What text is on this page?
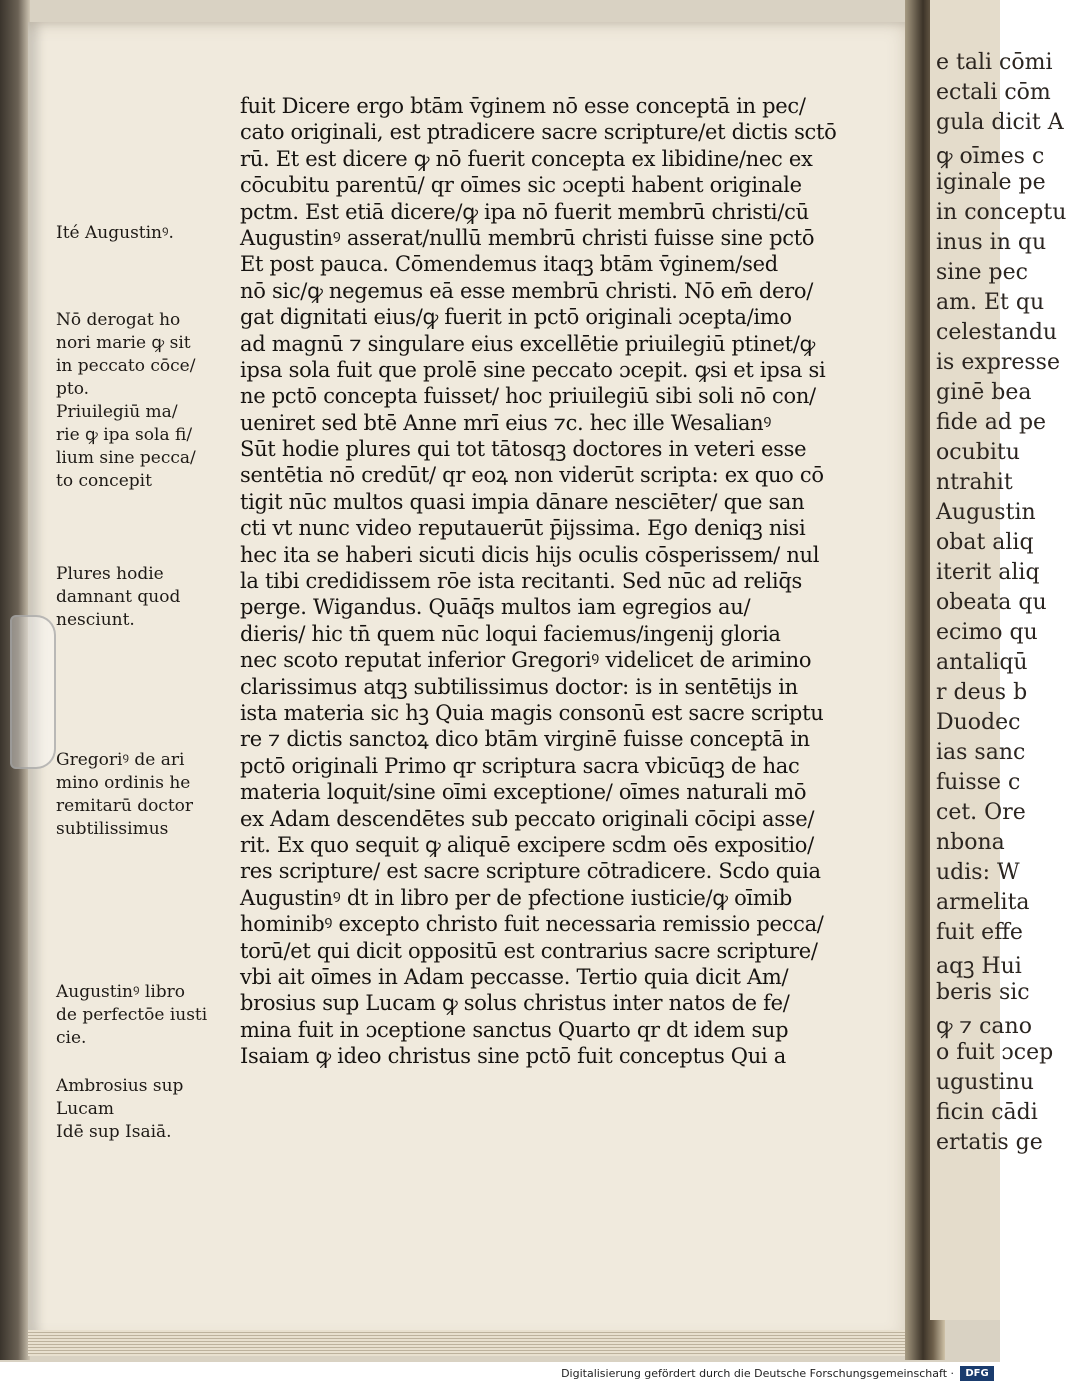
e tali cōmi
ectali cōm
gula dicit A
ꝙ oīmes c
iginale pe
in conceptu
inus in qu
sine pec
am. Et qu
celestandu
is expresse
ginē bea
fide ad pe
ocubitu
ntrahit
Augustin
obat aliq
iterit aliq
obeata qu
ecimo qu
antaliqū
r deus b
Duodec
ias sanc
fuisse c
cet. Ore
nbona
udis: W
armelita
fuit effe
aqꝫ Hui
beris sic
ꝙ ⁊ cano
o fuit ɔcep
ugustinu
ficin cādi
ertatis ge
Ité Augustinꝰ.
Nō derogat ho
nori marie ꝙ sit
in peccato cōce/
pto.
Priuilegiū ma/
rie ꝙ ipa sola fi/
lium sine pecca/
to concepit
Plures hodie
damnant quod
nesciunt.
Gregoriꝰ de ari
mino ordinis he
remitarū doctor
subtilissimus
Augustinꝰ libro
de perfectōe iusti
cie.
Ambrosius sup
Lucam
Idē sup Isaiā.
fuit Dicere ergo btām v̄ginem nō esse conceptā in pec/
cato originali, est ptradicere sacre scripture/et dictis sctō
rū. Et est dicere ꝙ nō fuerit concepta ex libidine/nec ex
cōcubitu parentū/ qr oīmes sic ɔcepti habent originale
pctm. Est etiā dicere/ꝙ ipa nō fuerit membrū christi/cū
Augustinꝰ asserat/nullū membrū christi fuisse sine pctō
Et post pauca. Cōmendemus itaqꝫ btām v̄ginem/sed
nō sic/ꝙ negemus eā esse membrū christi. Nō em̄ dero/
gat dignitati eius/ꝙ fuerit in pctō originali ɔcepta/imo
ad magnū ⁊ singulare eius excellētie priuilegiū ptinet/ꝙ
ipsa sola fuit que prolē sine peccato ɔcepit. ꝙsi et ipsa si
ne pctō concepta fuisset/ hoc priuilegiū sibi soli nō con/
ueniret sed btē Anne mrī eius ⁊c. hec ille Wesalianꝰ
Sūt hodie plures qui tot tātosqꝫ doctores in veteri esse
sentētia nō credūt/ qr eoꝝ non viderūt scripta: ex quo cō
tigit nūc multos quasi impia dānare nesciēter/ que san
cti vt nunc video reputauerūt p̄ijssima. Ego deniqꝫ nisi
hec ita se haberi sicuti dicis hijs oculis cōsperissem/ nul
la tibi credidissem rōe ista recitanti. Sed nūc ad reliq̄s
perge. Wigandus. Quāq̄s multos iam egregios au/
dieris/ hic tn̄ quem nūc loqui faciemus/ingenij gloria
nec scoto reputat inferior Gregoriꝰ videlicet de arimino
clarissimus atqꝫ subtilissimus doctor: is in sentētijs in
ista materia sic hꝫ Quia magis consonū est sacre scriptu
re ⁊ dictis sanctoꝝ dico btām virginē fuisse conceptā in
pctō originali Primo qr scriptura sacra vbicūqꝫ de hac
materia loquit/sine oīmi exceptione/ oīmes naturali mō
ex Adam descendētes sub peccato originali cōcipi asse/
rit. Ex quo sequit ꝙ aliquē excipere scdm oēs expositio/
res scripture/ est sacre scripture cōtradicere. Scdo quia
Augustinꝰ dt in libro per de pfectione iusticie/ꝙ oīmib
hominibꝰ excepto christo fuit necessaria remissio pecca/
torū/et qui dicit oppositū est contrarius sacre scripture/
vbi ait oīmes in Adam peccasse. Tertio quia dicit Am/
brosius sup Lucam ꝙ solus christus inter natos de fe/
mina fuit in ɔceptione sanctus Quarto qr dt idem sup
Isaiam ꝙ ideo christus sine pctō fuit conceptus Qui a
Digitalisierung gefördert durch die Deutsche Forschungsgemeinschaft ·	DFG
